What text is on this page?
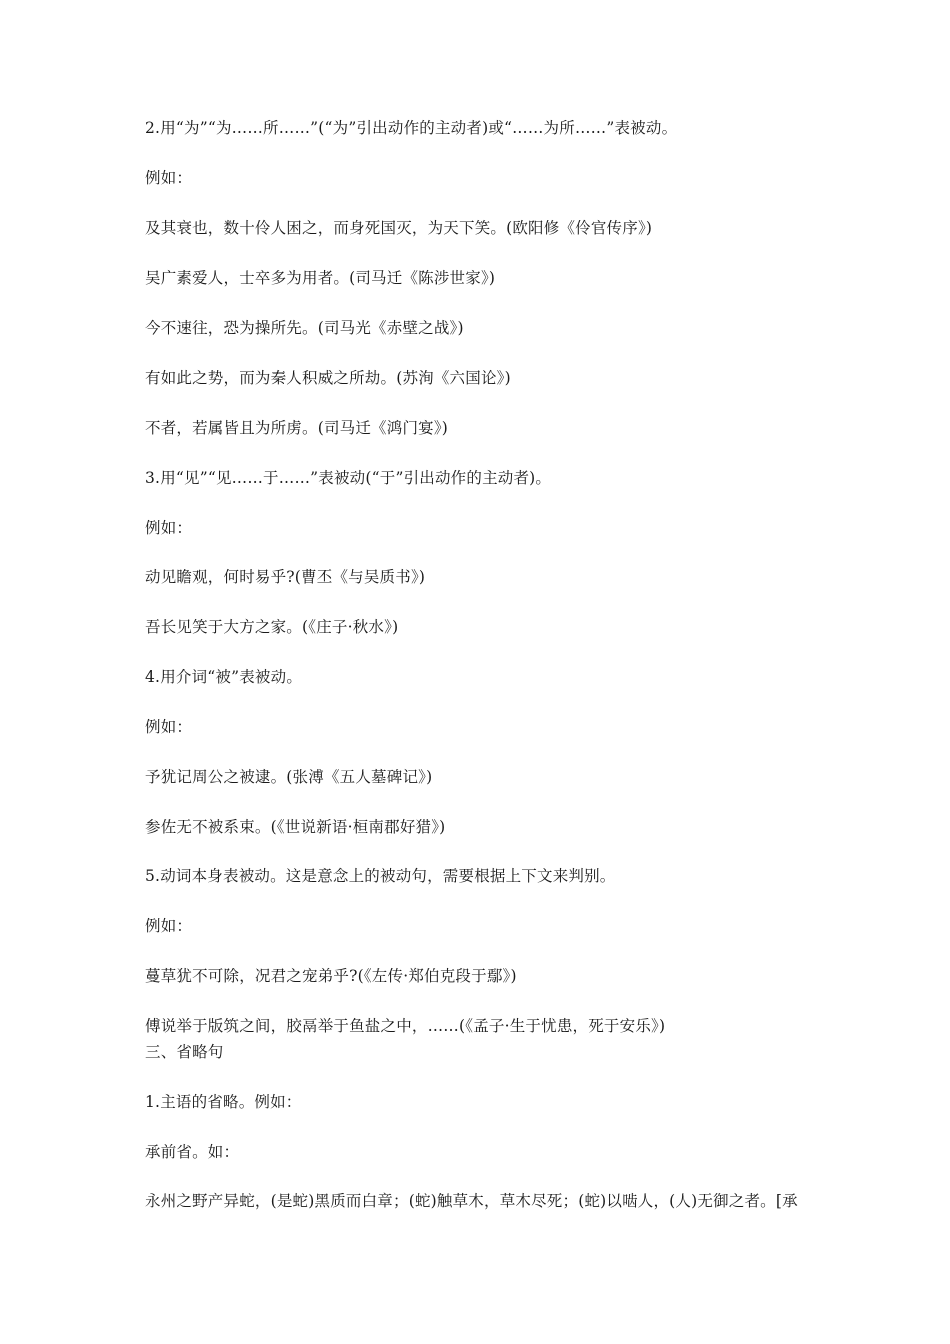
2.用“为”“为……所……”(“为”引出动作的主动者)或“……为所……”表被动。
例如：
及其衰也，数十伶人困之，而身死国灭，为天下笑。(欧阳修《伶官传序》)
吴广素爱人，士卒多为用者。(司马迁《陈涉世家》)
今不速往，恐为操所先。(司马光《赤壁之战》)
有如此之势，而为秦人积威之所劫。(苏洵《六国论》)
不者，若属皆且为所虏。(司马迁《鸿门宴》)
3.用“见”“见……于……”表被动(“于”引出动作的主动者)。
例如：
动见瞻观，何时易乎?(曹丕《与吴质书》)
吾长见笑于大方之家。(《庄子·秋水》)
4.用介词“被”表被动。
例如：
予犹记周公之被逮。(张溥《五人墓碑记》)
参佐无不被系束。(《世说新语·桓南郡好猎》)
5.动词本身表被动。这是意念上的被动句，需要根据上下文来判别。
例如：
蔓草犹不可除，况君之宠弟乎?(《左传·郑伯克段于鄢》)
傅说举于版筑之间，胶鬲举于鱼盐之中，……(《孟子·生于忧患，死于安乐》)
三、省略句
1.主语的省略。例如：
承前省。如：
永州之野产异蛇，(是蛇)黑质而白章；(蛇)触草木，草木尽死；(蛇)以啮人，(人)无御之者。[承
